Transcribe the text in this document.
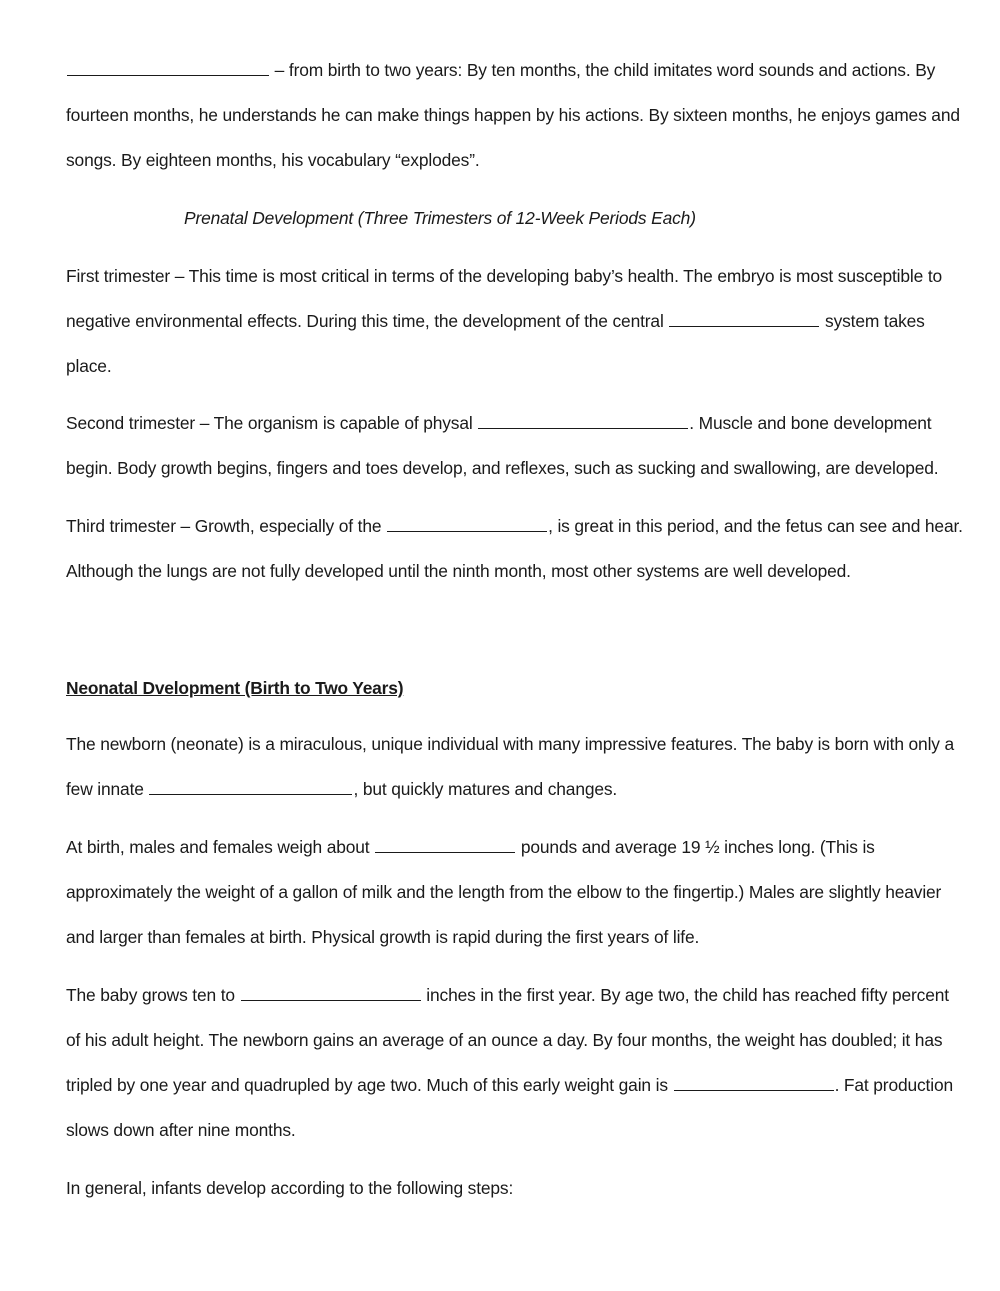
– from birth to two years: By ten months, the child imitates word sounds and actions. By
fourteen months, he understands he can make things happen by his actions. By sixteen months, he enjoys games and
songs. By eighteen months, his vocabulary “explodes”.
Prenatal Development (Three Trimesters of 12-Week Periods Each)
First trimester – This time is most critical in terms of the developing baby’s health. The embryo is most susceptible to
negative environmental effects. During this time, the development of the central	system takes
place.
Second trimester – The organism is capable of physal	. Muscle and bone development
begin. Body growth begins, fingers and toes develop, and reflexes, such as sucking and swallowing, are developed.
Third trimester – Growth, especially of the	, is great in this period, and the fetus can see and hear.
Although the lungs are not fully developed until the ninth month, most other systems are well developed.
Neonatal Dvelopment (Birth to Two Years)
The newborn (neonate) is a miraculous, unique individual with many impressive features. The baby is born with only a
few innate	, but quickly matures and changes.
At birth, males and females weigh about	pounds and average 19 ½ inches long. (This is
approximately the weight of a gallon of milk and the length from the elbow to the fingertip.) Males are slightly heavier
and larger than females at birth. Physical growth is rapid during the first years of life.
The baby grows ten to	inches in the first year. By age two, the child has reached fifty percent
of his adult height. The newborn gains an average of an ounce a day. By four months, the weight has doubled; it has
tripled by one year and quadrupled by age two. Much of this early weight gain is	. Fat production
slows down after nine months.
In general, infants develop according to the following steps:
